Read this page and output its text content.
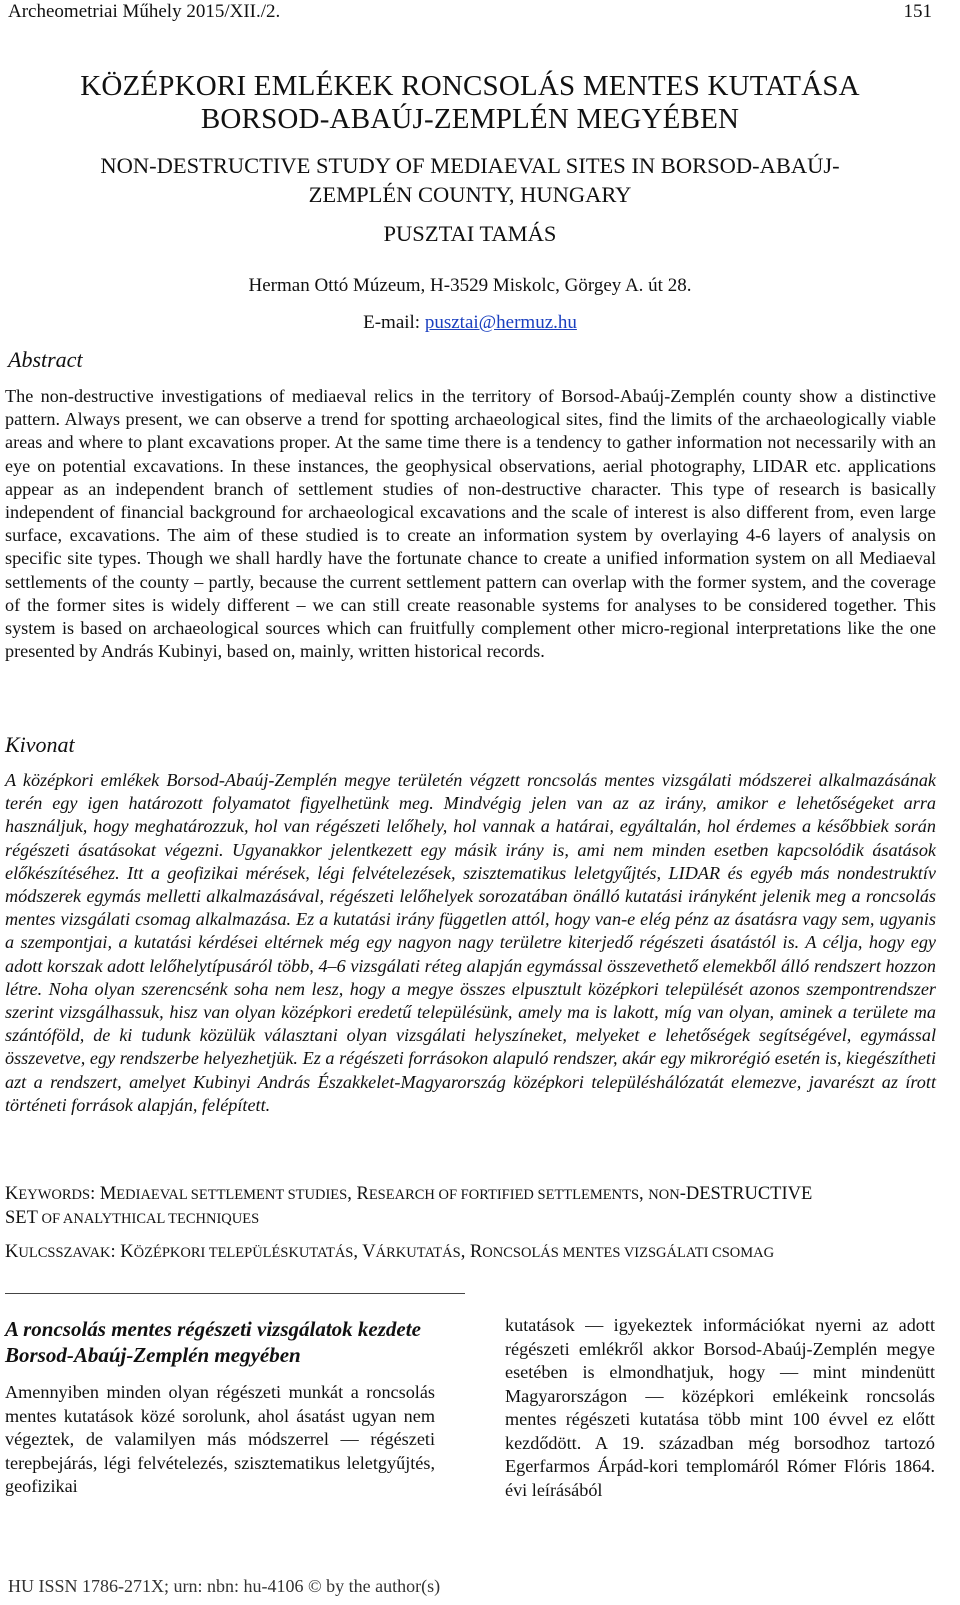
Archeometriai Műhely 2015/XII./2.	151
KÖZÉPKORI EMLÉKEK RONCSOLÁS MENTES KUTATÁSA
BORSOD-ABAÚJ-ZEMPLÉN MEGYÉBEN
NON-DESTRUCTIVE STUDY OF MEDIAEVAL SITES IN BORSOD-ABAÚJ-
ZEMPLÉN COUNTY, HUNGARY
PUSZTAI TAMÁS
Herman Ottó Múzeum, H-3529 Miskolc, Görgey A. út 28.
E-mail: pusztai@hermuz.hu
Abstract
The non-destructive investigations of mediaeval relics in the territory of Borsod-Abaúj-Zemplén county show a distinctive pattern. Always present, we can observe a trend for spotting archaeological sites, find the limits of the archaeologically viable areas and where to plant excavations proper. At the same time there is a tendency to gather information not necessarily with an eye on potential excavations. In these instances, the geophysical observations, aerial photography, LIDAR etc. applications appear as an independent branch of settlement studies of non-destructive character. This type of research is basically independent of financial background for archaeological excavations and the scale of interest is also different from, even large surface, excavations. The aim of these studied is to create an information system by overlaying 4-6 layers of analysis on specific site types. Though we shall hardly have the fortunate chance to create a unified information system on all Mediaeval settlements of the county – partly, because the current settlement pattern can overlap with the former system, and the coverage of the former sites is widely different – we can still create reasonable systems for analyses to be considered together. This system is based on archaeological sources which can fruitfully complement other micro-regional interpretations like the one presented by András Kubinyi, based on, mainly, written historical records.
Kivonat
A középkori emlékek Borsod-Abaúj-Zemplén megye területén végzett roncsolás mentes vizsgálati módszerei alkalmazásának terén egy igen határozott folyamatot figyelhetünk meg. Mindvégig jelen van az az irány, amikor e lehetőségeket arra használjuk, hogy meghatározzuk, hol van régészeti lelőhely, hol vannak a határai, egyáltalán, hol érdemes a későbbiek során régészeti ásatásokat végezni. Ugyanakkor jelentkezett egy másik irány is, ami nem minden esetben kapcsolódik ásatások előkészítéséhez. Itt a geofizikai mérések, légi felvételezések, szisztematikus leletgyűjtés, LIDAR és egyéb más nondestruktív módszerek egymás melletti alkalmazásával, régészeti lelőhelyek sorozatában önálló kutatási irányként jelenik meg a roncsolás mentes vizsgálati csomag alkalmazása. Ez a kutatási irány független attól, hogy van-e elég pénz az ásatásra vagy sem, ugyanis a szempontjai, a kutatási kérdései eltérnek még egy nagyon nagy területre kiterjedő régészeti ásatástól is. A célja, hogy egy adott korszak adott lelőhelytípusáról több, 4–6 vizsgálati réteg alapján egymással összevethető elemekből álló rendszert hozzon létre. Noha olyan szerencsénk soha nem lesz, hogy a megye összes elpusztult középkori települését azonos szempontrendszer szerint vizsgálhassuk, hisz van olyan középkori eredetű településünk, amely ma is lakott, míg van olyan, aminek a területe ma szántóföld, de ki tudunk közülük választani olyan vizsgálati helyszíneket, melyeket e lehetőségek segítségével, egymással összevetve, egy rendszerbe helyezhetjük. Ez a régészeti forrásokon alapuló rendszer, akár egy mikrorégió esetén is, kiegészítheti azt a rendszert, amelyet Kubinyi András Északkelet-Magyarország középkori településhálózatát elemezve, javarészt az írott történeti források alapján, felépített.
KEYWORDS: MEDIAEVAL SETTLEMENT STUDIES, RESEARCH OF FORTIFIED SETTLEMENTS, NON-DESTRUCTIVE
SET OF ANALYTHICAL TECHNIQUES
KULCSSZAVAK: KÖZÉPKORI TELEPÜLÉSKUTATÁS, VÁRKUTATÁS, RONCSOLÁS MENTES VIZSGÁLATI CSOMAG
A roncsolás mentes régészeti vizsgálatok kezdete Borsod-Abaúj-Zemplén megyében
Amennyiben minden olyan régészeti munkát a roncsolás mentes kutatások közé sorolunk, ahol ásatást ugyan nem végeztek, de valamilyen más módszerrel — régészeti terepbejárás, légi felvételezés, szisztematikus leletgyűjtés, geofizikai
kutatások — igyekeztek információkat nyerni az adott régészeti emlékről akkor Borsod-Abaúj-Zemplén megye esetében is elmondhatjuk, hogy — mint mindenütt Magyarországon — középkori emlékeink roncsolás mentes régészeti kutatása több mint 100 évvel ez előtt kezdődött. A 19. században még borsodhoz tartozó Egerfarmos Árpád-kori templomáról Rómer Flóris 1864. évi leírásából
HU ISSN 1786-271X; urn: nbn: hu-4106 © by the author(s)
